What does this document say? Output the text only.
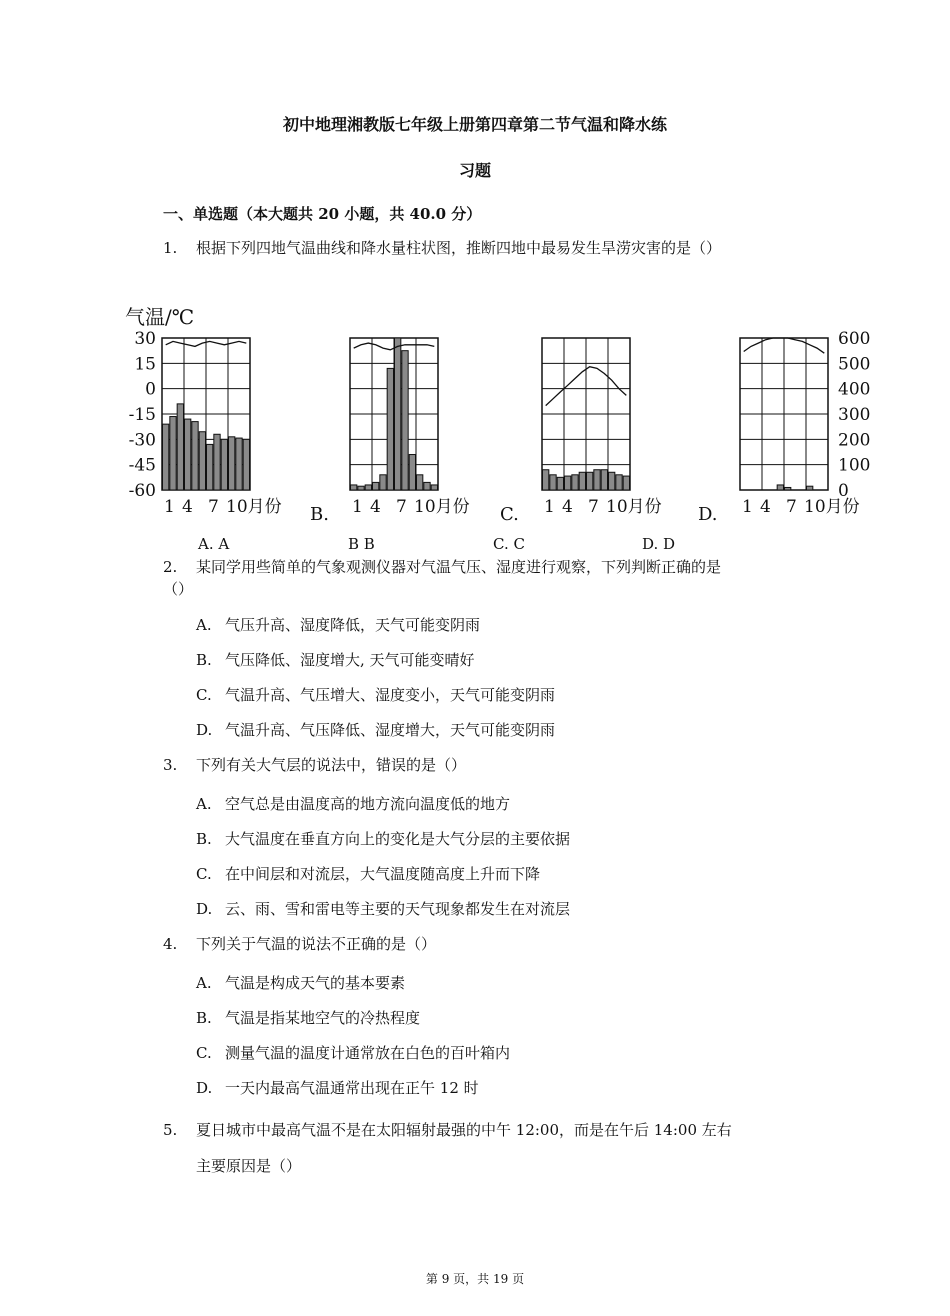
初中地理湘教版七年级上册第四章第二节气温和降水练
习题
一、单选题（本大题共 20 小题，共 40.0 分）
1. 根据下列四地气温曲线和降水量柱状图，推断四地中最易发生旱涝灾害的是（）
气温/℃
30
15
0
-15
-30
-45
-60
600
500
400
300
200
100
0
1 4 7 10月份	1 4 7 10月份	1 4 7 10月份	1 4 7 10月份
B.	C.	D.
A. A	B B	C. C	D. D
2. 某同学用些简单的气象观测仪器对气温气压、湿度进行观察，下列判断正确的是
（）
A. 气压升高、湿度降低，天气可能变阴雨
B. 气压降低、湿度增大, 天气可能变晴好
C. 气温升高、气压增大、湿度变小，天气可能变阴雨
D. 气温升高、气压降低、湿度增大，天气可能变阴雨
3. 下列有关大气层的说法中，错误的是（）
A. 空气总是由温度高的地方流向温度低的地方
B. 大气温度在垂直方向上的变化是大气分层的主要依据
C. 在中间层和对流层，大气温度随高度上升而下降
D. 云、雨、雪和雷电等主要的天气现象都发生在对流层
4. 下列关于气温的说法不正确的是（）
A. 气温是构成天气的基本要素
B. 气温是指某地空气的冷热程度
C. 测量气温的温度计通常放在白色的百叶箱内
D. 一天内最高气温通常出现在正午 12 时
5. 夏日城市中最高气温不是在太阳辐射最强的中午 12:00，而是在午后 14:00 左右
主要原因是（）
第 9 页，共 19 页
